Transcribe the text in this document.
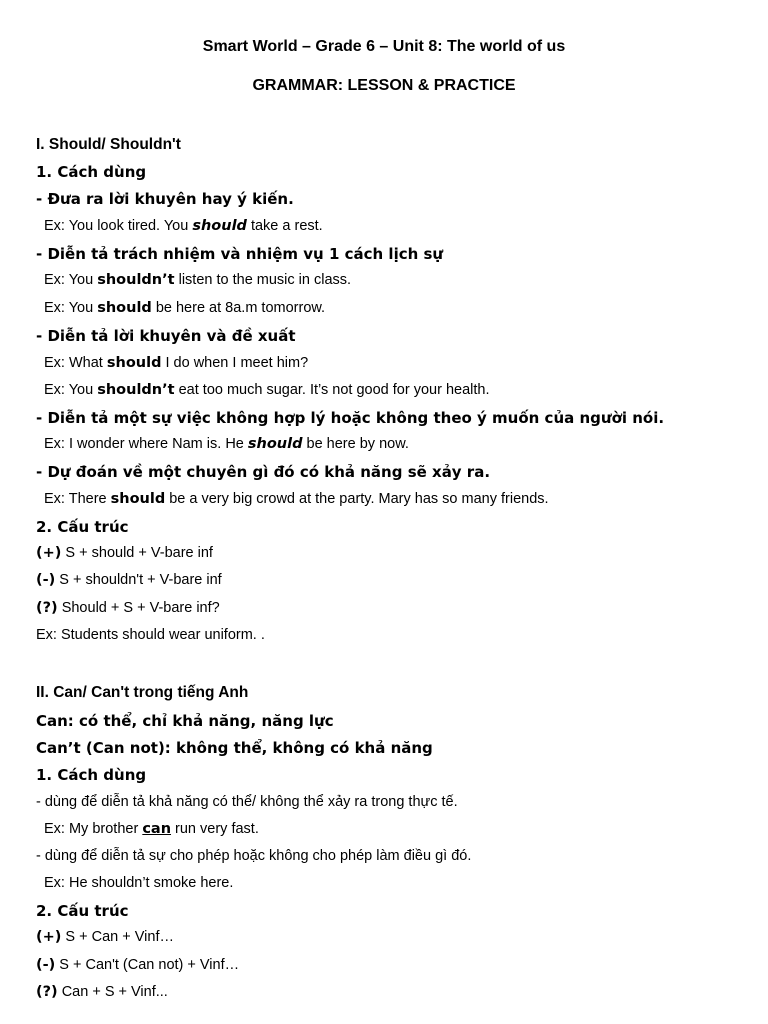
Smart World – Grade 6 – Unit 8: The world of us
GRAMMAR: LESSON & PRACTICE
I. Should/ Shouldn't
1. Cách dùng
- Đưa ra lời khuyên hay ý kiến.
Ex: You look tired. You should take a rest.
- Diễn tả trách nhiệm và nhiệm vụ 1 cách lịch sự
Ex: You shouldn’t listen to the music in class.
Ex: You should be here at 8a.m tomorrow.
- Diễn tả lời khuyên và đề xuất
Ex: What should I do when I meet him?
Ex: You shouldn’t eat too much sugar. It’s not good for your health.
- Diễn tả một sự việc không hợp lý hoặc không theo ý muốn của người nói.
Ex: I wonder where Nam is. He should be here by now.
- Dự đoán về một chuyên gì đó có khả năng sẽ xảy ra.
Ex: There should be a very big crowd at the party. Mary has so many friends.
2. Cấu trúc
(+) S + should + V-bare inf
(-) S + shouldn't + V-bare inf
(?) Should + S + V-bare inf?
Ex: Students should wear uniform. .
II. Can/ Can't trong tiếng Anh
Can: có thể, chỉ khả năng, năng lực
Can’t (Can not): không thể, không có khả năng
1. Cách dùng
- dùng để diễn tả khả năng có thể/ không thể xảy ra trong thực tế.
Ex: My brother can run very fast.
- dùng để diễn tả sự cho phép hoặc không cho phép làm điều gì đó.
Ex: He shouldn’t smoke here.
2. Cấu trúc
(+) S + Can + Vinf…
(-) S + Can't (Can not) + Vinf…
(?) Can + S + Vinf...
